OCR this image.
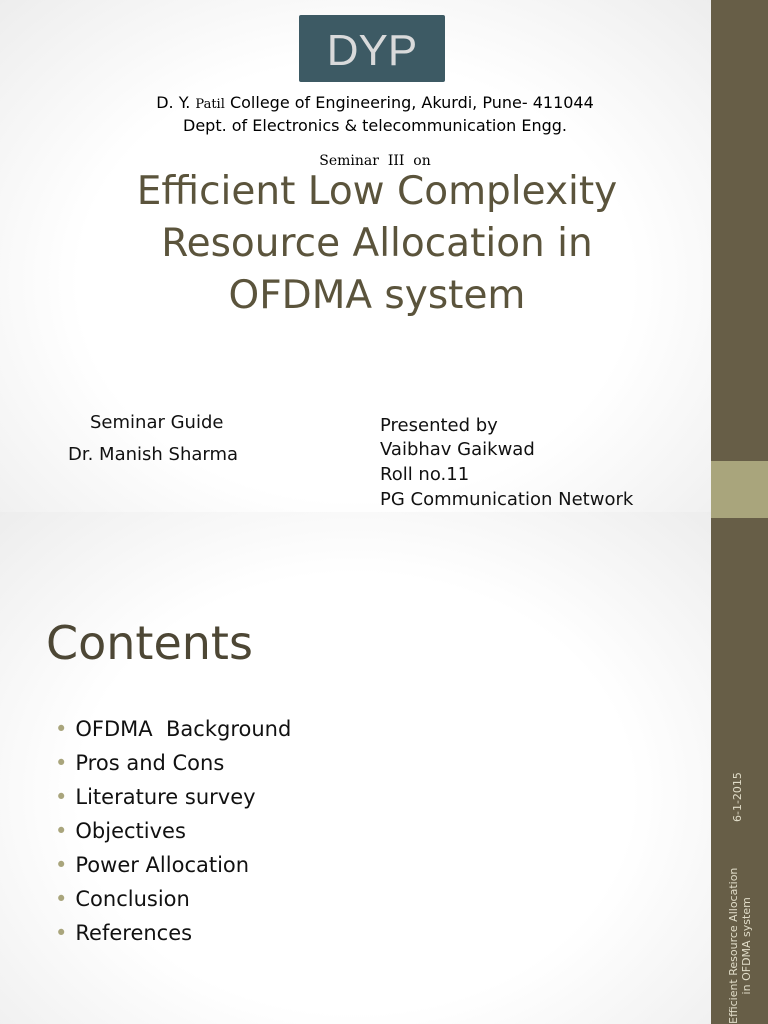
DYP
D. Y. Patil College of Engineering, Akurdi, Pune- 411044
Dept. of Electronics & telecommunication Engg.
Seminar  III  on
Efficient Low Complexity
Resource Allocation in
OFDMA system
Seminar Guide
Dr. Manish Sharma
Presented by
Vaibhav Gaikwad
Roll no.11
PG Communication Network
Contents
• OFDMA  Background
• Pros and Cons
• Literature survey
• Objectives
• Power Allocation
• Conclusion
• References
6-1-2015
Efficient Resource Allocation in OFDMA system
